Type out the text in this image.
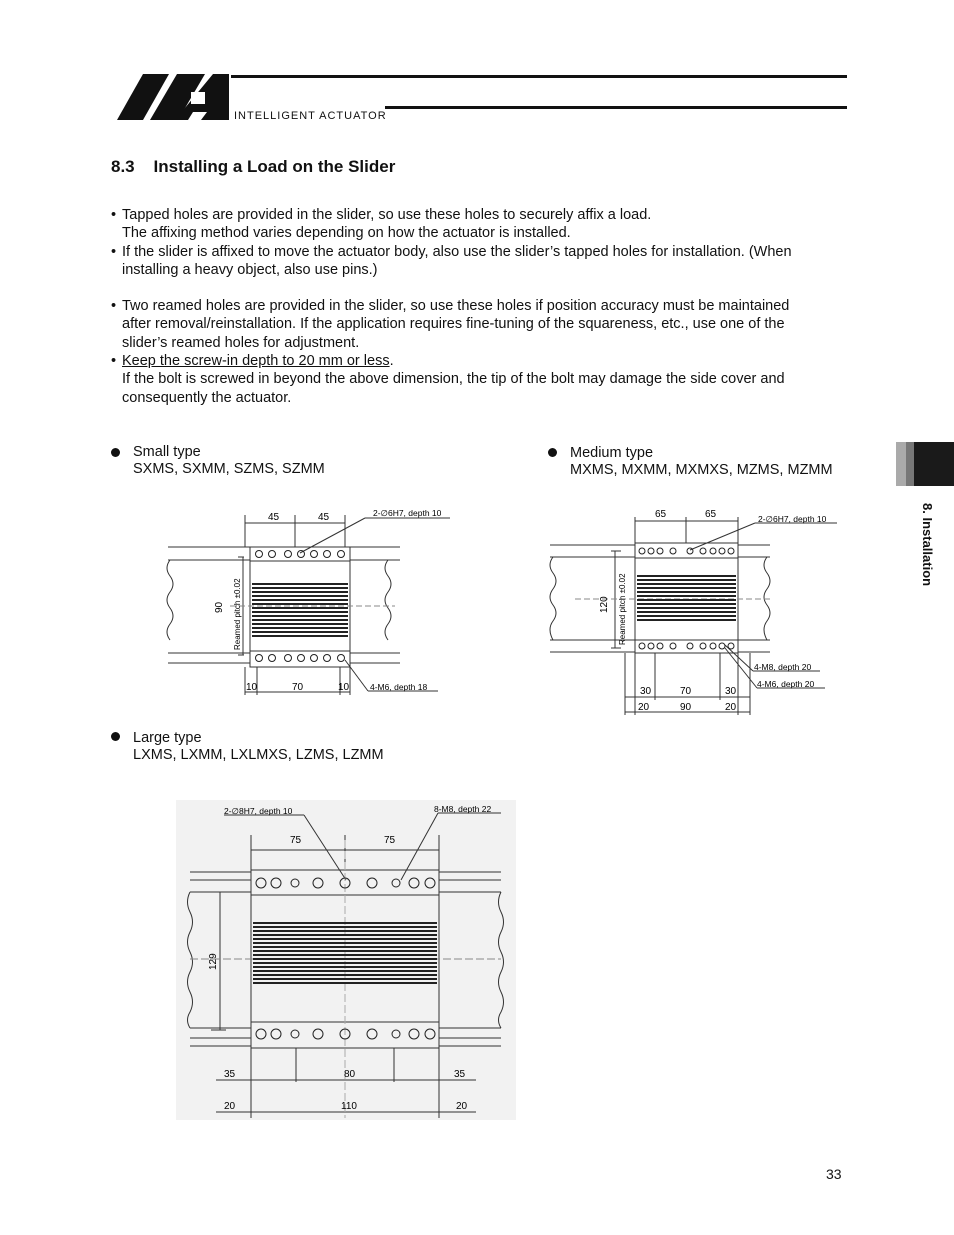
INTELLIGENT ACTUATOR
8.3    Installing a Load on the Slider
• Tapped holes are provided in the slider, so use these holes to securely affix a load.
The affixing method varies depending on how the actuator is installed.
• If the slider is affixed to move the actuator body, also use the slider’s tapped holes for installation. (When
installing a heavy object, also use pins.)
• Two reamed holes are provided in the slider, so use these holes if position accuracy must be maintained
after removal/reinstallation. If the application requires fine-tuning of the squareness, etc., use one of the
slider’s reamed holes for adjustment.
• Keep the screw-in depth to 20 mm or less.
If the bolt is screwed in beyond the above dimension, the tip of the bolt may damage the side cover and
consequently the actuator.
Small type
SXMS, SXMM, SZMS, SZMM
Medium type
MXMS, MXMM, MXMXS, MZMS, MZMM
Large type
LXMS, LXMM, LXLMXS, LZMS, LZMM
45	45	2-∅6H7, depth 10
90 Reamed pitch ±0.02
10	70	10 4-M6, depth 18
65	65	2-∅6H7, depth 10
120 Reamed pitch ±0.02
4-M8, depth 20
4-M6, depth 20
30	70	30
20	90	20
2-∅8H7, depth 10	8-M8, depth 22
75	75
129
35	80	35
20	110	20
8. Installation
33
